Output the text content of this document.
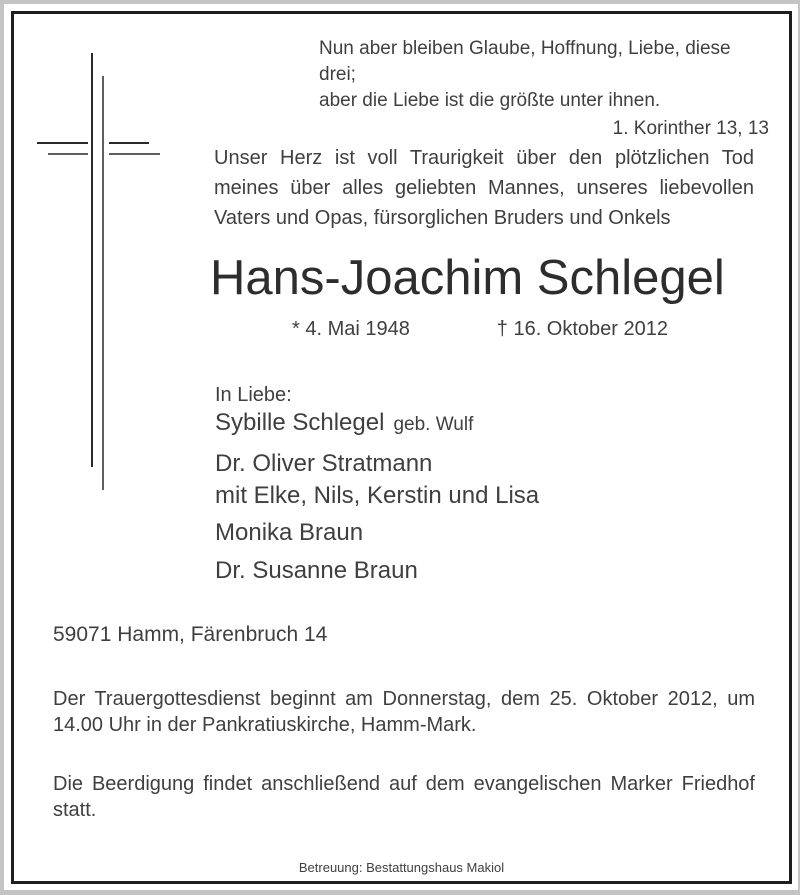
Nun aber bleiben Glaube, Hoffnung, Liebe, diese drei;
aber die Liebe ist die größte unter ihnen.
1. Korinther 13, 13
Unser Herz ist voll Traurigkeit über den plötzlichen Tod
meines über alles geliebten Mannes, unseres liebevollen
Vaters und Opas, fürsorglichen Bruders und Onkels
Hans-Joachim Schlegel
* 4. Mai 1948	† 16. Oktober 2012
In Liebe:
Sybille Schlegel geb. Wulf
Dr. Oliver Stratmann
mit Elke, Nils, Kerstin und Lisa
Monika Braun
Dr. Susanne Braun
59071 Hamm, Färenbruch 14
Der Trauergottesdienst beginnt am Donnerstag, dem 25. Oktober 2012, um
14.00 Uhr in der Pankratiuskirche, Hamm-Mark.
Die Beerdigung findet anschließend auf dem evangelischen Marker Friedhof
statt.
Betreuung: Bestattungshaus Makiol
